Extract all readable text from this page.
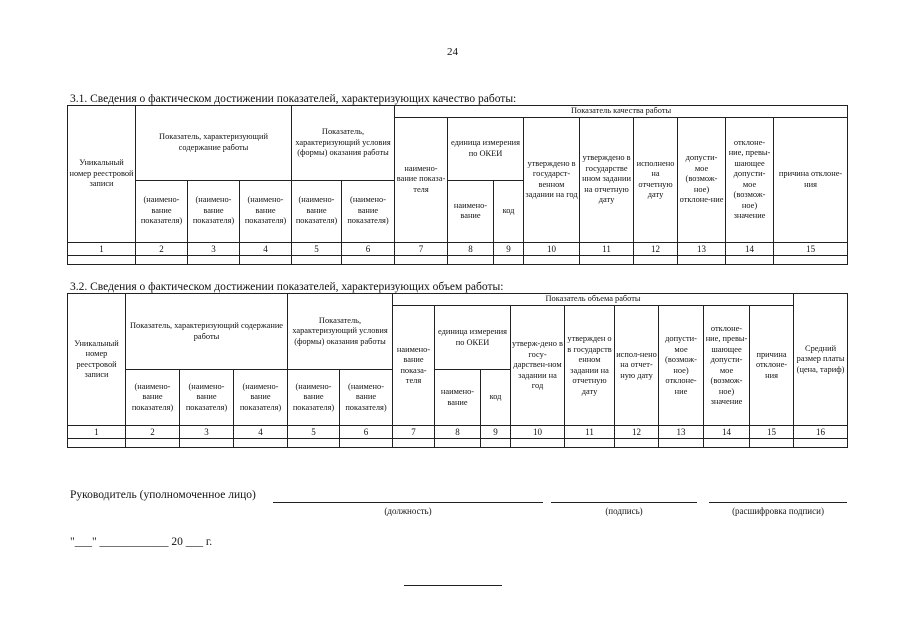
24
3.1. Сведения о фактическом достижении показателей, характеризующих качество работы:
Уникальный номер реестровой записи	Показатель, характеризующий содержание работы			Показатель, характеризующий условия (формы) оказания работы		Показатель качества работы								
						наимено-вание показа-теля	единица измерения по ОКЕИ		утверждено в государст-венном задании на год	утверждено в государстве нном задании на отчетную дату	исполнено на отчетную дату	допусти-мое (возмож-ное) отклоне-ние	отклоне-ние, превы-шающее допусти-мое (возмож-ное) значение	причина отклоне-ния
	(наимено-вание показателя)	(наимено-вание показателя)	(наимено-вание показателя)	(наимено-вание показателя)	(наимено-вание показателя)		наимено-вание	код						
1	2	3	4	5	6	7	8	9	10	11	12	13	14	15

3.2. Сведения о фактическом достижении показателей, характеризующих объем работы:
Уникальный номер реестровой записи	Показатель, характеризующий содержание работы			Показатель, характеризующий условия (формы) оказания работы		Показатель объема работы									Средний размер платы (цена, тариф)
						наимено-вание показа-теля	единица измерения по ОКЕИ		утверж-дено в госу-дарствен-ном задании на год	утвержден о в государств енном задании на отчетную дату	испол-нено на отчет-ную дату	допусти-мое (возмож-ное) отклоне-ние	отклоне-ние, превы-шающее допусти-мое (возмож-ное) значение	причина отклоне-ния	
	(наимено-вание показателя)	(наимено-вание показателя)	(наимено-вание показателя)	(наимено-вание показателя)	(наимено-вание показателя)		наимено-вание	код							
1	2	3	4	5	6	7	8	9	10	11	12	13	14	15	16

Руководитель (уполномоченное лицо)
(должность)	(подпись)	(расшифровка подписи)
"___" ____________ 20 ___ г.
